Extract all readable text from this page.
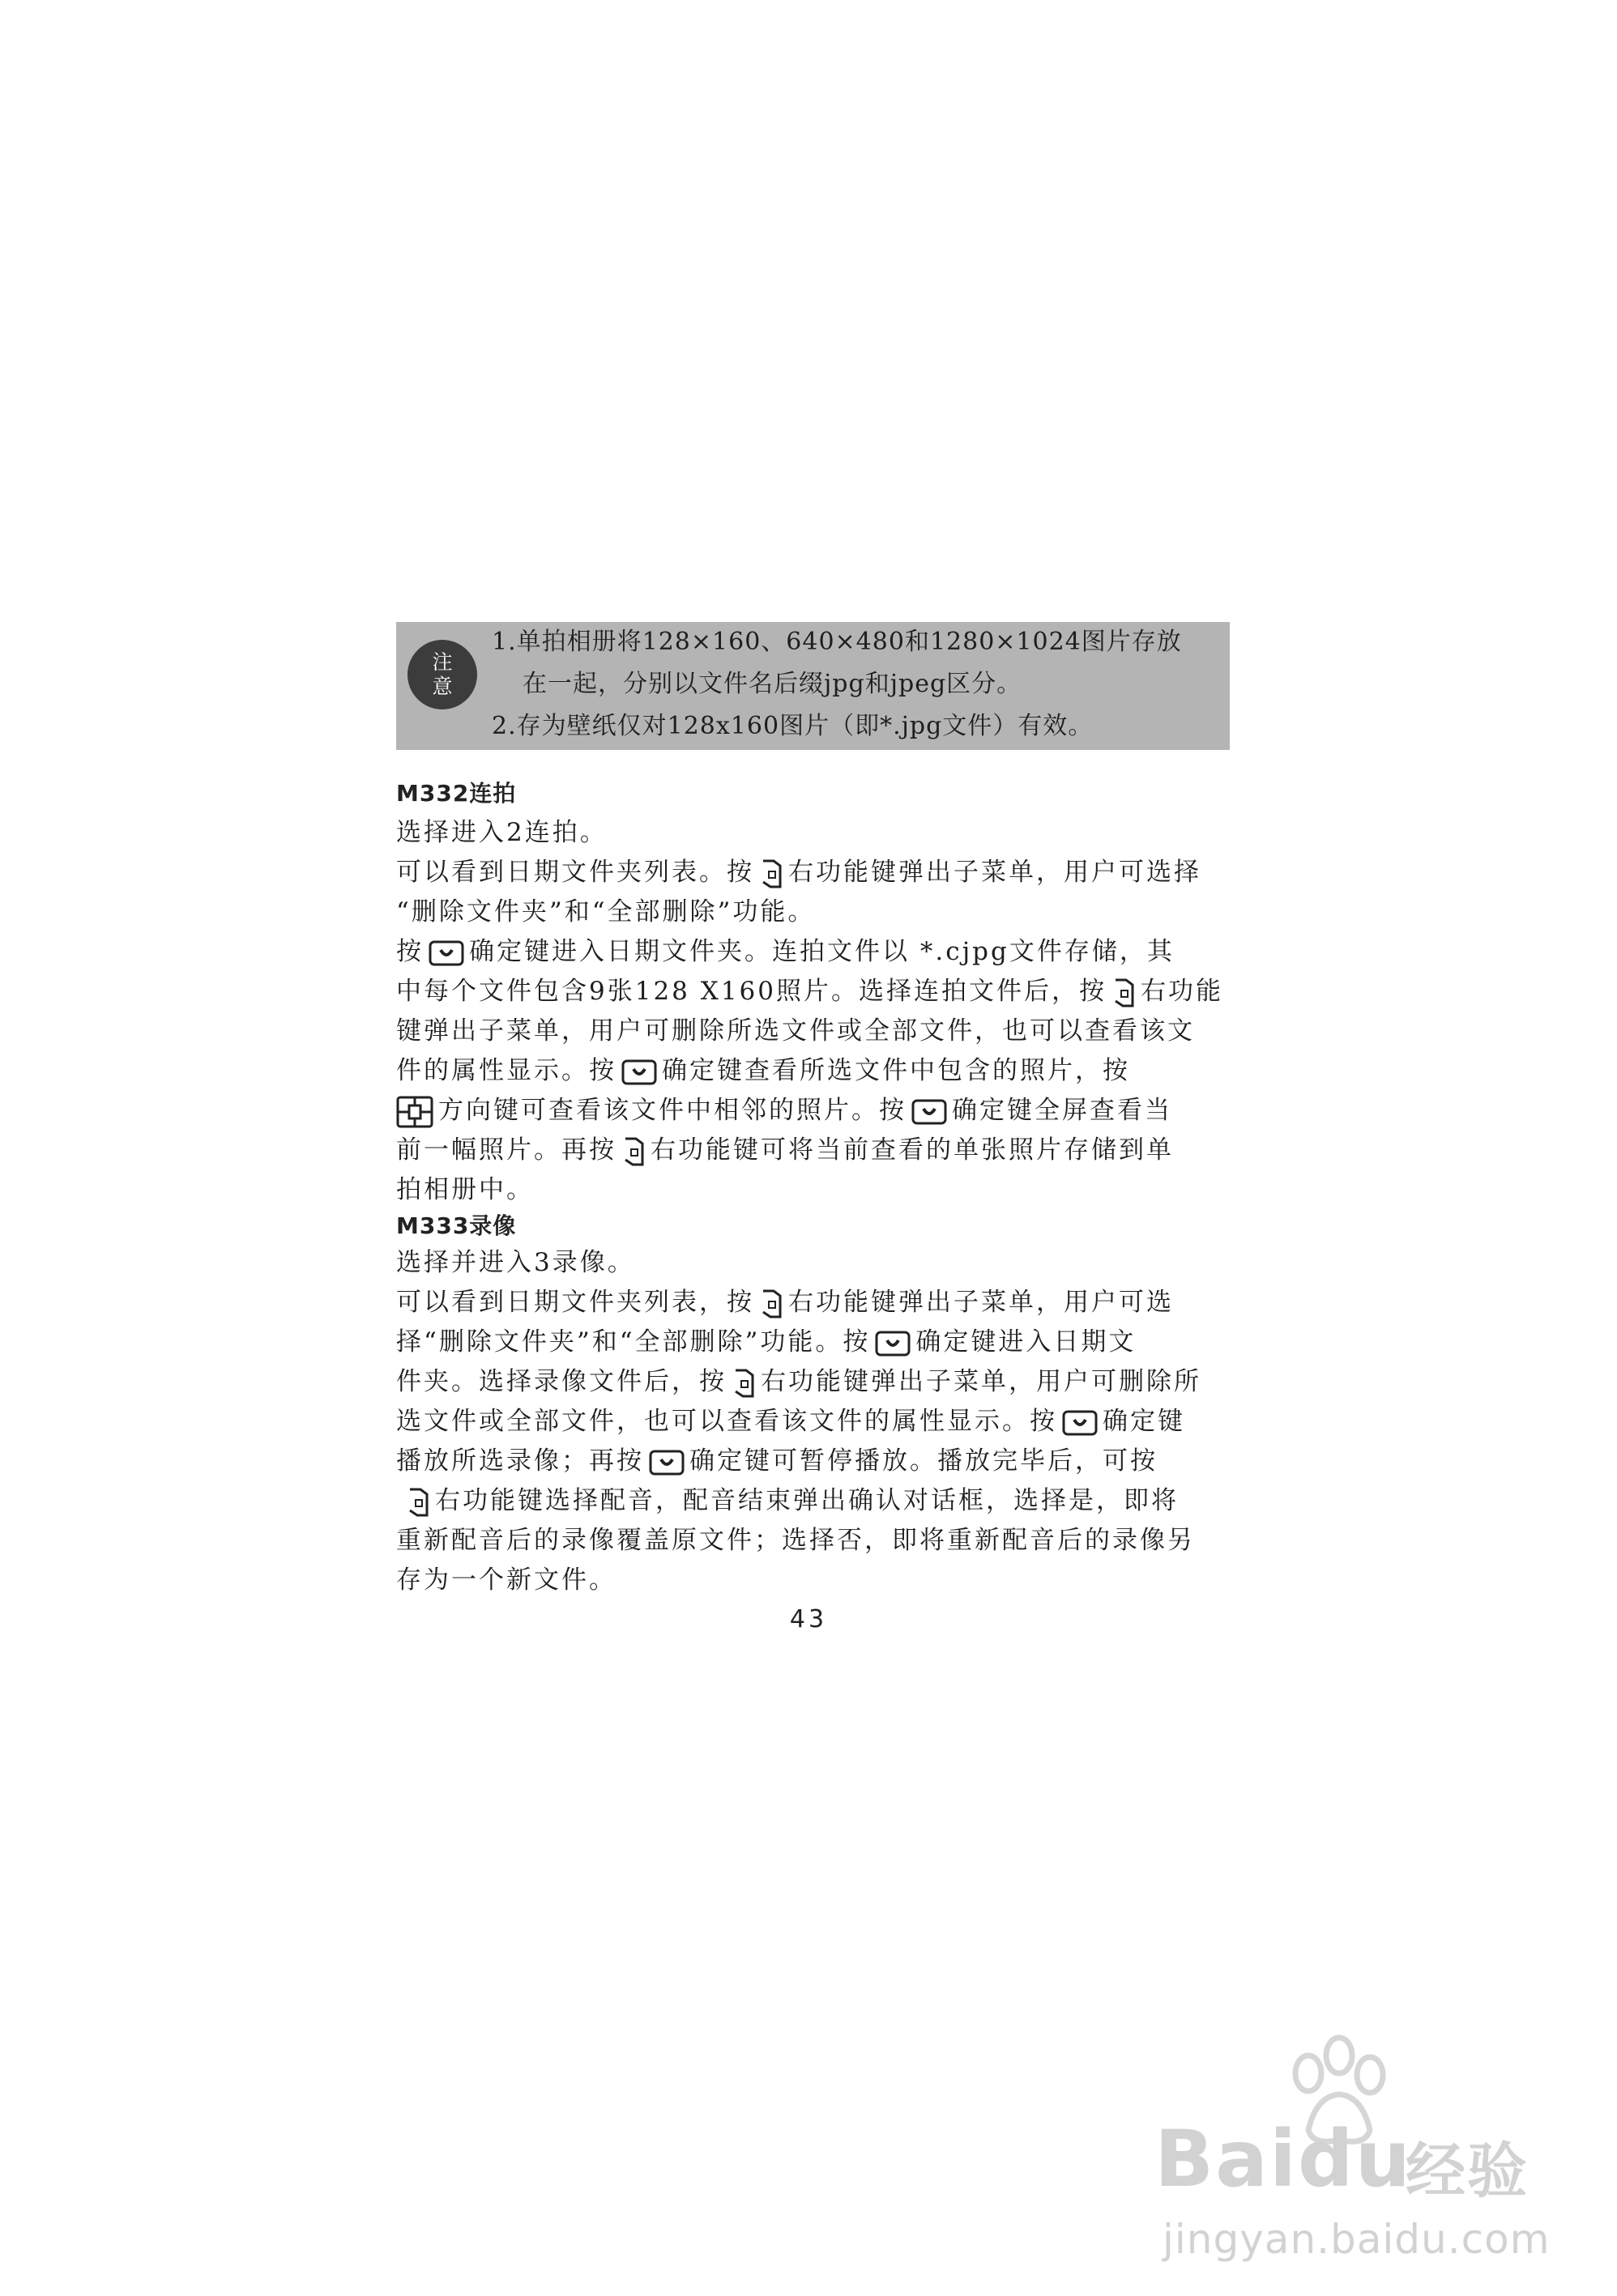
注
意
1.单拍相册将128×160、640×480和1280×1024图片存放
在一起，分别以文件名后缀jpg和jpeg区分。
2.存为壁纸仅对128x160图片（即*.jpg文件）有效。
M332连拍
选择进入2连拍。
可以看到日期文件夹列表。按 右功能键弹出子菜单，用户可选择
“删除文件夹”和“全部删除”功能。
按 确定键进入日期文件夹。连拍文件以 *.cjpg文件存储，其
中每个文件包含9张128 X160照片。选择连拍文件后，按 右功能
键弹出子菜单，用户可删除所选文件或全部文件，也可以查看该文
件的属性显示。按 确定键查看所选文件中包含的照片，按
方向键可查看该文件中相邻的照片。按 确定键全屏查看当
前一幅照片。再按 右功能键可将当前查看的单张照片存储到单
拍相册中。
M333录像
选择并进入3录像。
可以看到日期文件夹列表，按 右功能键弹出子菜单，用户可选
择“删除文件夹”和“全部删除”功能。按 确定键进入日期文
件夹。选择录像文件后，按 右功能键弹出子菜单，用户可删除所
选文件或全部文件，也可以查看该文件的属性显示。按 确定键
播放所选录像；再按 确定键可暂停播放。播放完毕后，可按
右功能键选择配音，配音结束弹出确认对话框，选择是，即将
重新配音后的录像覆盖原文件；选择否，即将重新配音后的录像另
存为一个新文件。
43
Baidu
经验
jingyan.baidu.com
